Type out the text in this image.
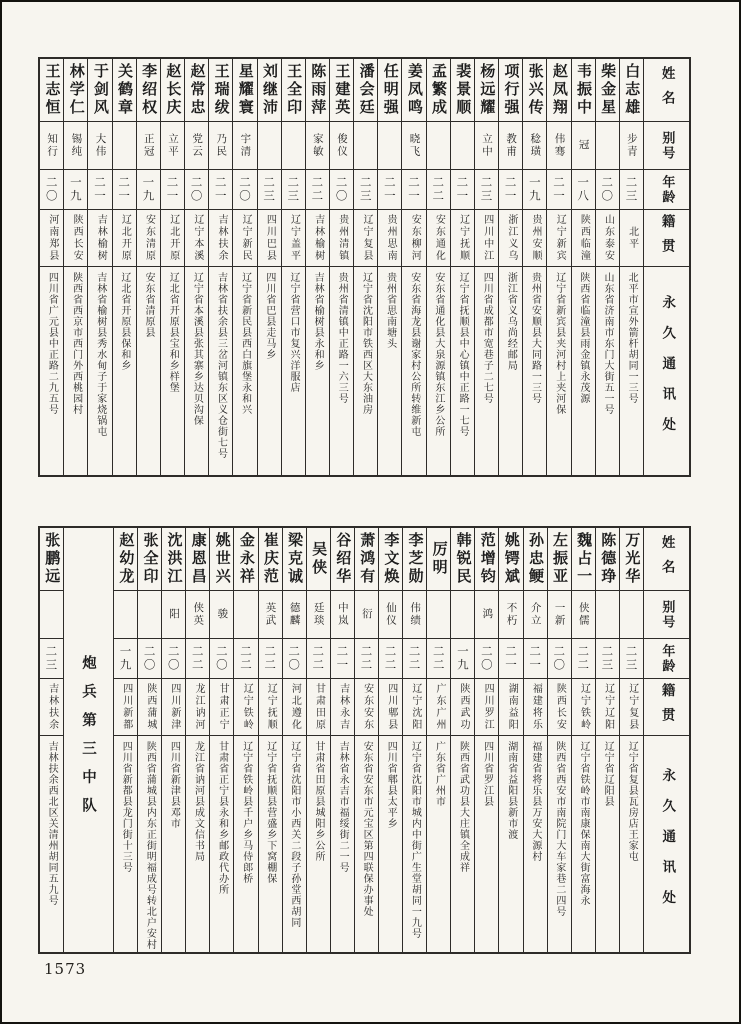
姓名
别号
年龄
籍贯
永久通讯处
白志雄
步青
二三
北平
北平市宣外箭杆胡同一三号
柴金星
二〇
山东泰安
山东省济南市东门大街五一号
韦振中
冠
一八
陕西临潼
陕西省临潼县雨金镇永茂源
赵凤翔
伟骞
二一
辽宁新宾
辽宁省新宾县夹河村上夹河保
张兴传
稔璜
一九
贵州安顺
贵州省安顺县大同路一三号
项行强
教甫
二一
浙江义乌
浙江省义乌尚经邮局
杨远耀
立中
二三
四川中江
四川省成都市宽巷子二七号
裴景顺
二一
辽宁抚顺
辽宁省抚顺县中心镇中正路一七号
孟繁成
二二
安东通化
安东省通化县大泉源镇东江乡公所
姜凤鸣
晓飞
二一
安东柳河
安东省海龙县谢家村公所转维新屯
任明强
二一
贵州思南
贵州省思南塘头
潘会廷
二三
辽宁复县
辽宁省沈阳市铁西区大东油房
王建英
俊仪
二〇
贵州清镇
贵州省清镇中正路一六三号
陈雨萍
家敏
二二
吉林榆树
吉林省榆树县永和乡
王全印
二三
辽宁盖平
辽宁省营口市复兴洋服店
刘继沛
二三
四川巴县
四川省巴县走马乡
星耀寰
宇清
二〇
辽宁新民
辽宁省新民县西白旗堡永和兴
王瑞绂
乃民
二一
吉林扶余
吉林省扶余县三岔河镇东区义仓街七号
赵常忠
党云
二〇
辽宁本溪
辽宁省本溪县张其寨乡达贝沟保
赵长庆
立平
二一
辽北开原
辽北省开原县宝和乡样堡
李绍权
正冠
一九
安东清原
安东省清原县
关鹤章
二一
辽北开原
辽北省开原县保和乡
于剑风
大伟
二一
吉林榆树
吉林省榆树县秀水甸子于家烧锅屯
林学仁
锡纯
一九
陕西长安
陕西省西京市西门外西桃园村
王志恒
知行
二〇
河南郑县
四川省广元县中正路二九五号
姓名
别号
年龄
籍贯
永久通讯处
万光华
二三
辽宁复县
辽宁省复县瓦房店王家屯
陈德琤
二三
辽宁辽阳
辽宁省辽阳县
魏占一
侠儒
二二
辽宁铁岭
辽宁省铁岭市南康保南大街富海永
左振亚
一新
二〇
陕西长安
陕西省西安市南院门大车家巷二四号
孙忠鲠
介立
二一
福建将乐
福建省将乐县万安大源村
姚锷斌
不朽
二一
湖南益阳
湖南省益阳县新市渡
范增钧
鸿
二〇
四川罗江
四川省罗江县
韩锐民
一九
陕西武功
陕西省武功县大庄镇全成祥
厉明
二二
广东广州
广东省广州市
李芝勋
伟绩
二二
辽宁沈阳
辽宁省沈阳市城内中街广生堂胡同一九号
李文焕
仙仪
二二
四川郫县
四川省郫县太平乡
萧鸿有
衍
二二
安东安东
安东省安东市元宝区第四联保办事处
谷绍华
中岚
二一
吉林永吉
吉林省永吉市福绥街二一号
吴侠
廷琰
二二
甘肃田原
甘肃省田原县城阳乡公所
梁克诚
德麟
二〇
河北遵化
辽宁省沈阳市小西关二段子孙堂西胡同
崔庆范
英武
二二
辽宁抚顺
辽宁省抚顺县营盛乡下窝棚保
金永祥
二二
辽宁铁岭
辽宁省铁岭县千户乡马侍郎桥
姚世兴
骏
二〇
甘肃正宁
甘肃省正宁县永和乡邮政代办所
康恩昌
侠英
二二
龙江讷河
龙江省讷河县成文信书局
沈洪江
阳
二〇
四川新津
四川省新津县邓市
张全印
二〇
陕西蒲城
陕西省蒲城县内东正街明福成号转北户安村
赵幼龙
一九
四川新都
四川省新都县龙门街十三号
炮兵第三中队
张鹏远
二三
吉林扶余
吉林扶余西北区关清州胡同五九号
1573
